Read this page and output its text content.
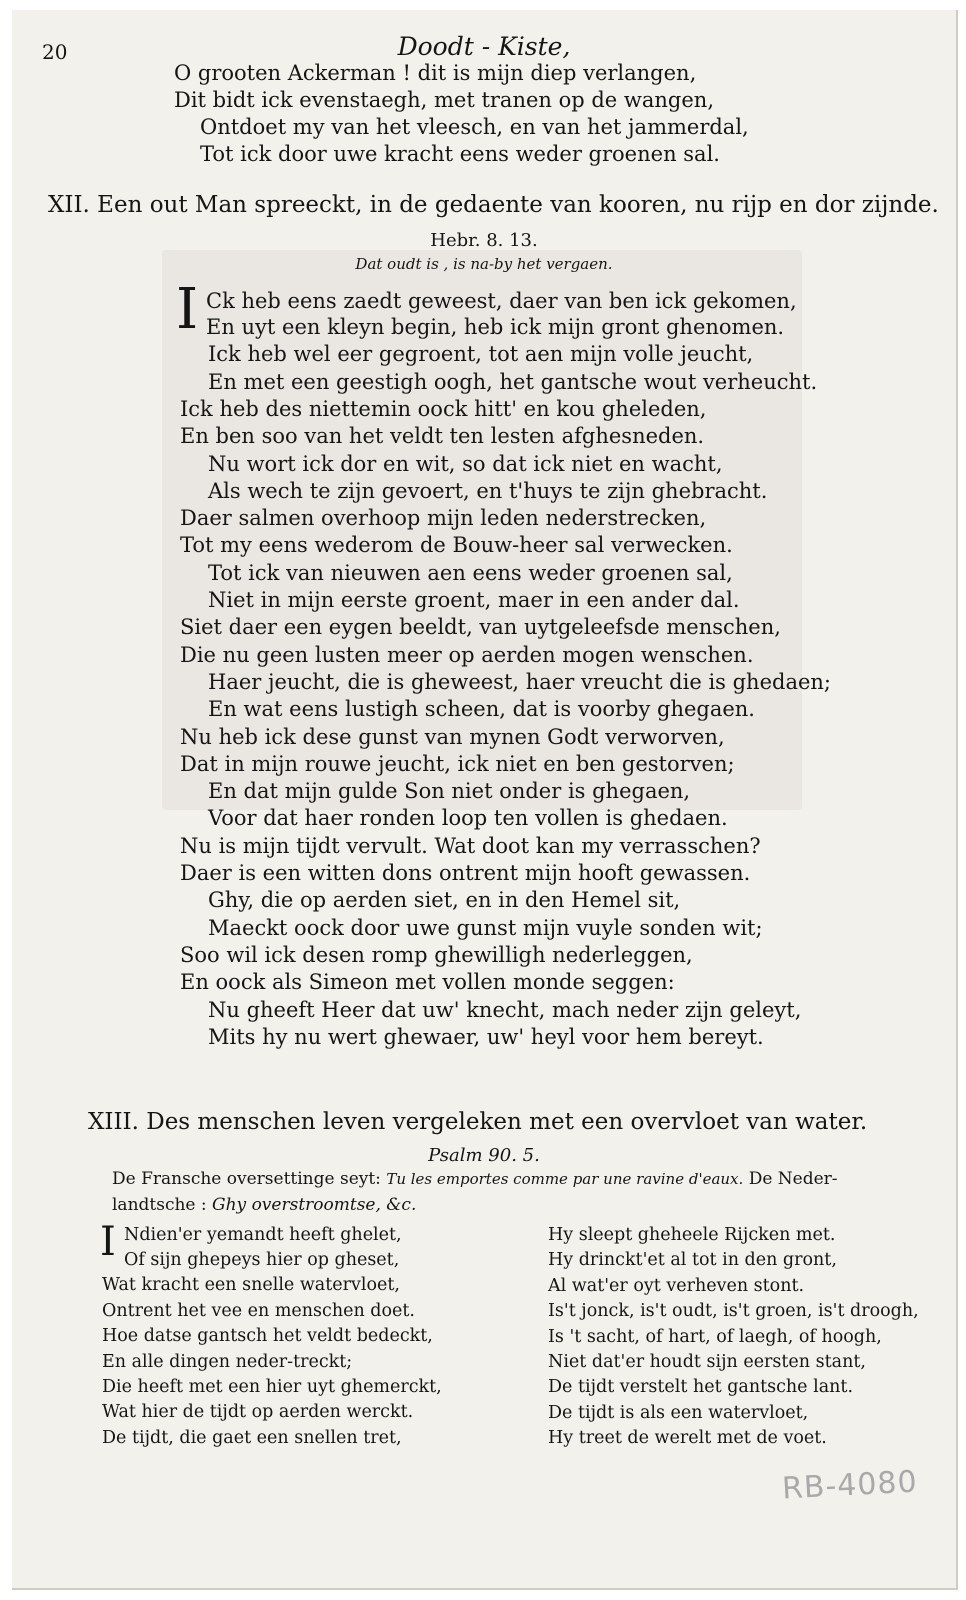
20	Doodt - Kiste,
O grooten Ackerman ! dit is mijn diep verlangen,
Dit bidt ick evenstaegh, met tranen op de wangen,
Ontdoet my van het vleesch, en van het jammerdal,
Tot ick door uwe kracht eens weder groenen sal.
XII. Een out Man spreeckt, in de gedaente van kooren, nu rijp en dor zijnde.
Hebr. 8. 13.
Dat oudt is , is na-by het vergaen.
I Ck heb eens zaedt geweest, daer van ben ick gekomen,
En uyt een kleyn begin, heb ick mijn gront ghenomen.
Ick heb wel eer gegroent, tot aen mijn volle jeucht,
En met een geestigh oogh, het gantsche wout verheucht.
Ick heb des niettemin oock hitt' en kou gheleden,
En ben soo van het veldt ten lesten afghesneden.
Nu wort ick dor en wit, so dat ick niet en wacht,
Als wech te zijn gevoert, en t'huys te zijn ghebracht.
Daer salmen overhoop mijn leden nederstrecken,
Tot my eens wederom de Bouw-heer sal verwecken.
Tot ick van nieuwen aen eens weder groenen sal,
Niet in mijn eerste groent, maer in een ander dal.
Siet daer een eygen beeldt, van uytgeleefsde menschen,
Die nu geen lusten meer op aerden mogen wenschen.
Haer jeucht, die is gheweest, haer vreucht die is ghedaen;
En wat eens lustigh scheen, dat is voorby ghegaen.
Nu heb ick dese gunst van mynen Godt verworven,
Dat in mijn rouwe jeucht, ick niet en ben gestorven;
En dat mijn gulde Son niet onder is ghegaen,
Voor dat haer ronden loop ten vollen is ghedaen.
Nu is mijn tijdt vervult. Wat doot kan my verrasschen?
Daer is een witten dons ontrent mijn hooft gewassen.
Ghy, die op aerden siet, en in den Hemel sit,
Maeckt oock door uwe gunst mijn vuyle sonden wit;
Soo wil ick desen romp ghewilligh nederleggen,
En oock als Simeon met vollen monde seggen:
Nu gheeft Heer dat uw' knecht, mach neder zijn geleyt,
Mits hy nu wert ghewaer, uw' heyl voor hem bereyt.
XIII. Des menschen leven vergeleken met een overvloet van water.
Psalm 90. 5.
De Fransche oversettinge seyt: Tu les emportes comme par une ravine d'eaux. De Neder-
landtsche : Ghy overstroomtse, &c.
I Ndien'er yemandt heeft ghelet,
Of sijn ghepeys hier op gheset,
Wat kracht een snelle watervloet,
Ontrent het vee en menschen doet.
Hoe datse gantsch het veldt bedeckt,
En alle dingen neder-treckt;
Die heeft met een hier uyt ghemerckt,
Wat hier de tijdt op aerden werckt.
De tijdt, die gaet een snellen tret,
Hy sleept gheheele Rijcken met.
Hy drinckt'et al tot in den gront,
Al wat'er oyt verheven stont.
Is't jonck, is't oudt, is't groen, is't droogh,
Is 't sacht, of hart, of laegh, of hoogh,
Niet dat'er houdt sijn eersten stant,
De tijdt verstelt het gantsche lant.
De tijdt is als een watervloet,
Hy treet de werelt met de voet.
RB-4080
